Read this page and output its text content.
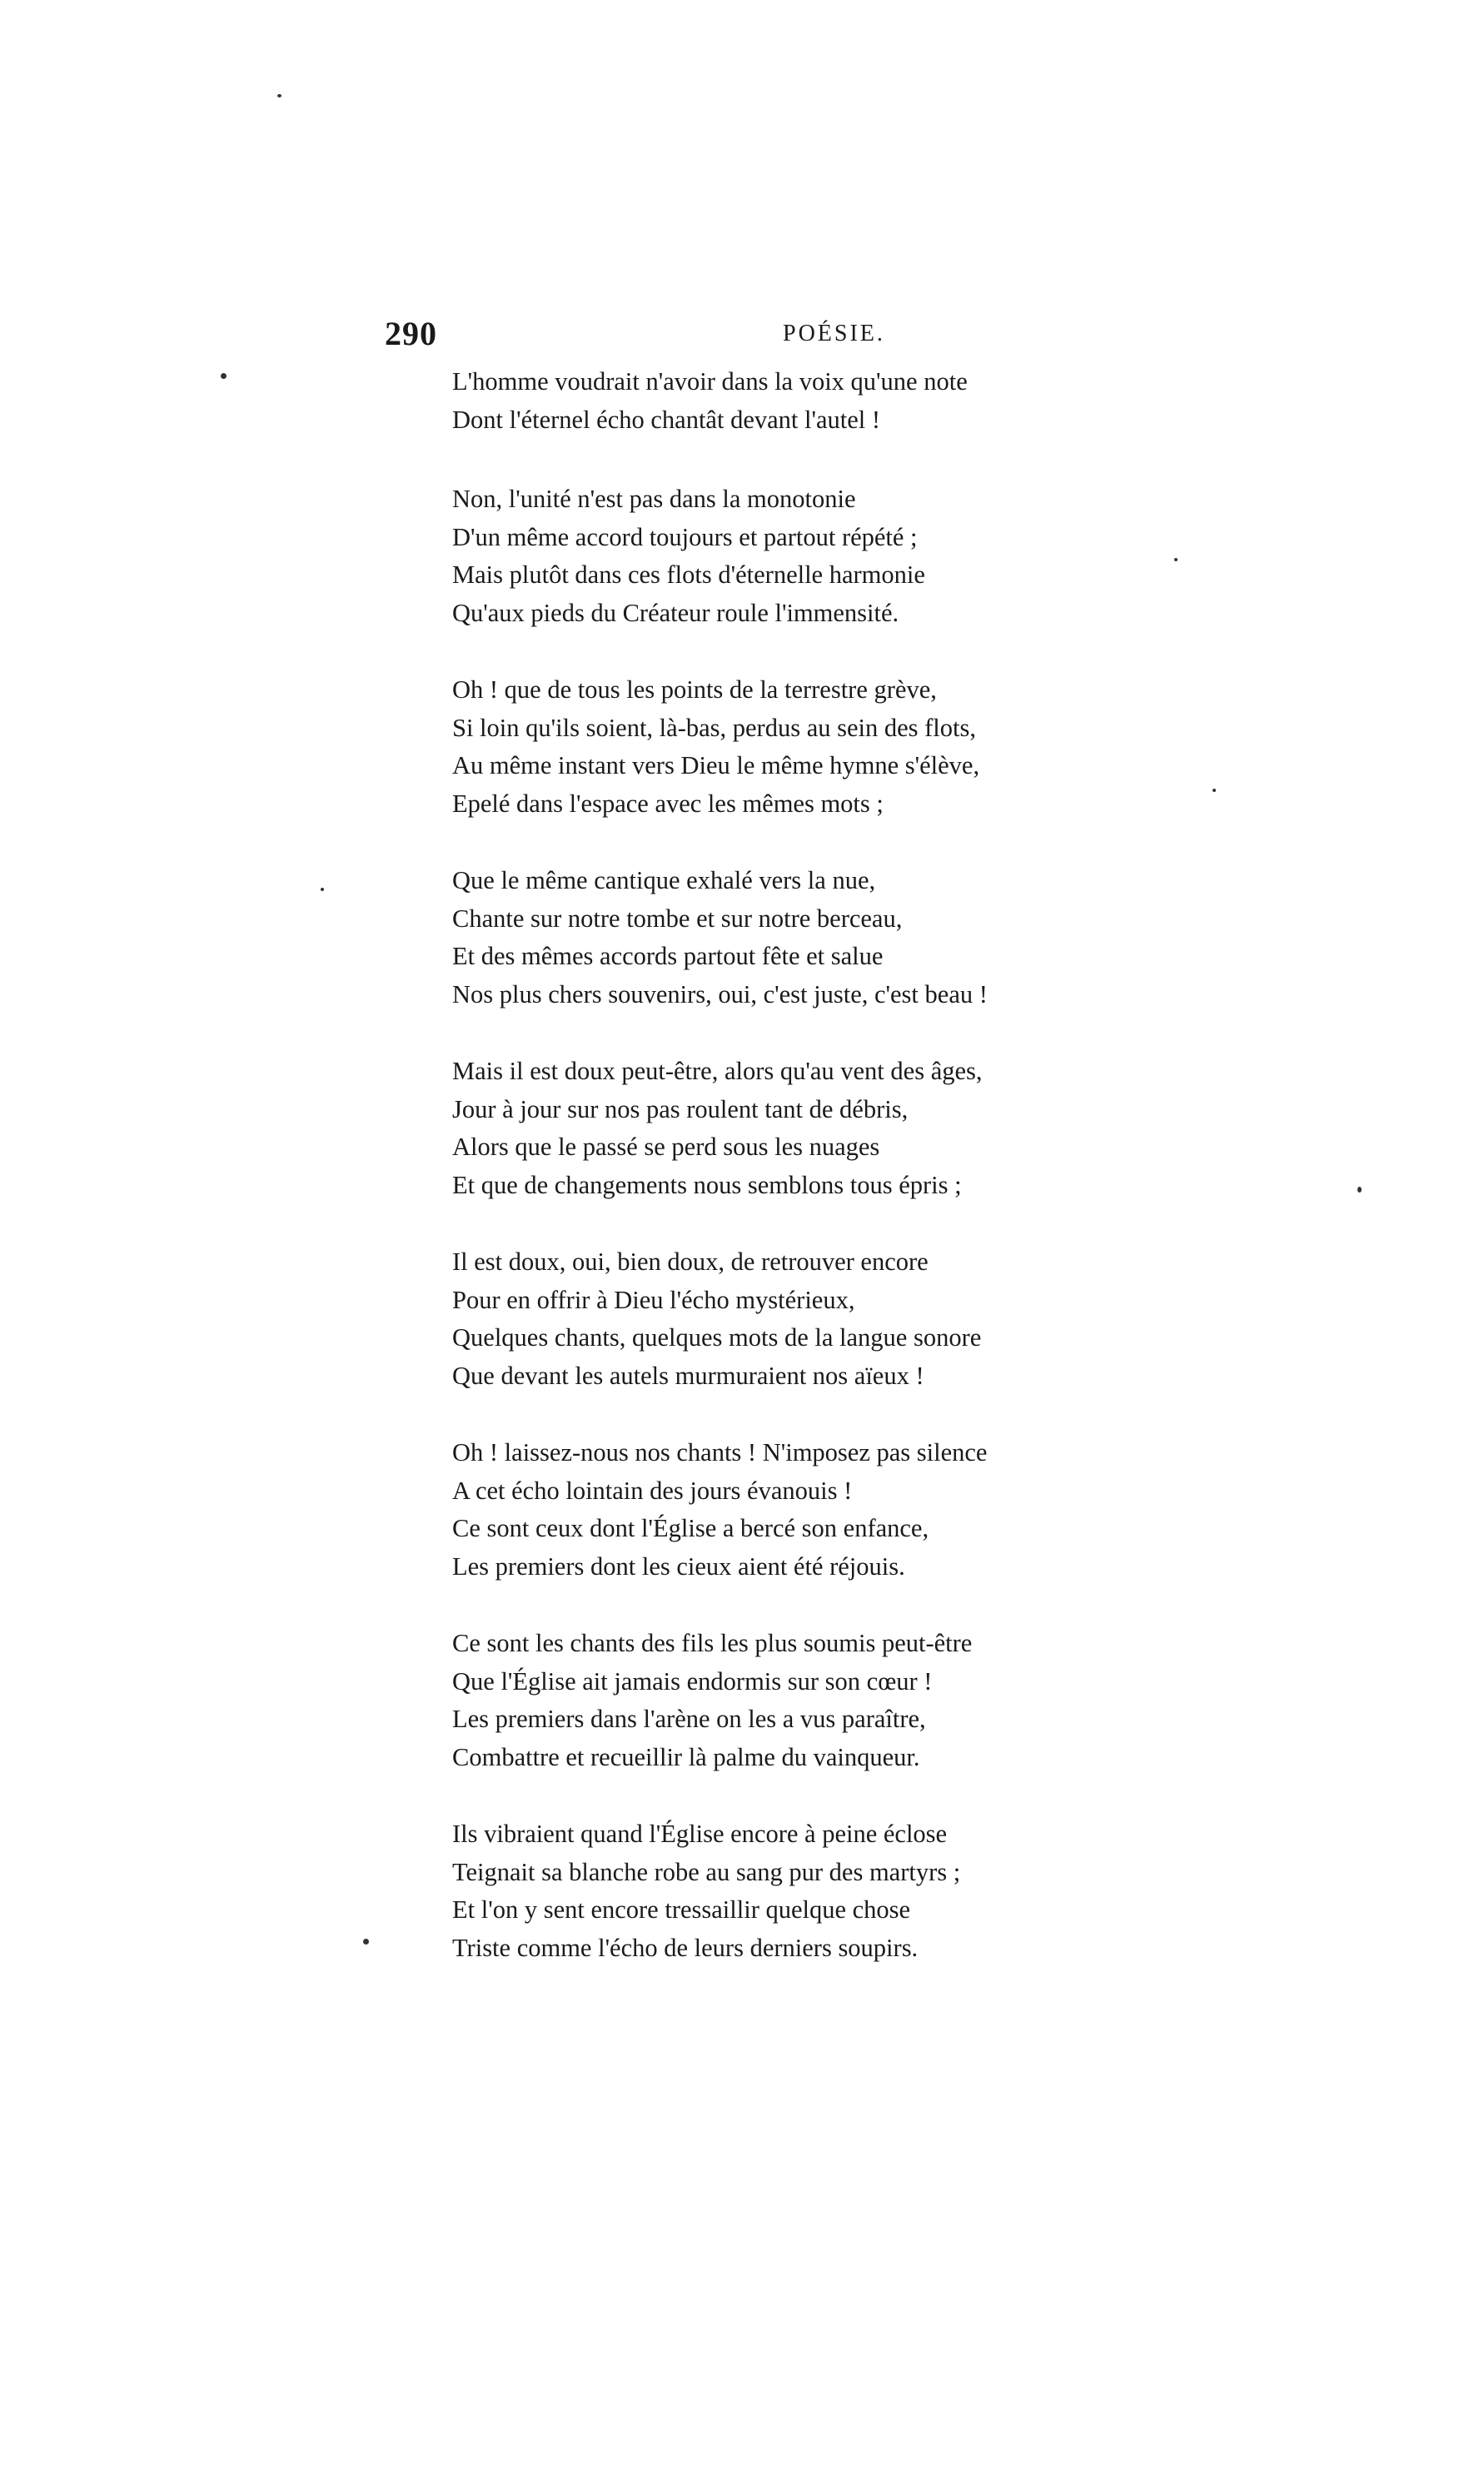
290	POÉSIE.
L'homme voudrait n'avoir dans la voix qu'une note
Dont l'éternel écho chantât devant l'autel !
Non, l'unité n'est pas dans la monotonie
D'un même accord toujours et partout répété ;
Mais plutôt dans ces flots d'éternelle harmonie
Qu'aux pieds du Créateur roule l'immensité.
Oh ! que de tous les points de la terrestre grève,
Si loin qu'ils soient, là-bas, perdus au sein des flots,
Au même instant vers Dieu le même hymne s'élève,
Epelé dans l'espace avec les mêmes mots ;
Que le même cantique exhalé vers la nue,
Chante sur notre tombe et sur notre berceau,
Et des mêmes accords partout fête et salue
Nos plus chers souvenirs, oui, c'est juste, c'est beau !
Mais il est doux peut-être, alors qu'au vent des âges,
Jour à jour sur nos pas roulent tant de débris,
Alors que le passé se perd sous les nuages
Et que de changements nous semblons tous épris ;
Il est doux, oui, bien doux, de retrouver encore
Pour en offrir à Dieu l'écho mystérieux,
Quelques chants, quelques mots de la langue sonore
Que devant les autels murmuraient nos aïeux !
Oh ! laissez-nous nos chants ! N'imposez pas silence
A cet écho lointain des jours évanouis !
Ce sont ceux dont l'Église a bercé son enfance,
Les premiers dont les cieux aient été réjouis.
Ce sont les chants des fils les plus soumis peut-être
Que l'Église ait jamais endormis sur son cœur !
Les premiers dans l'arène on les a vus paraître,
Combattre et recueillir là palme du vainqueur.
Ils vibraient quand l'Église encore à peine éclose
Teignait sa blanche robe au sang pur des martyrs ;
Et l'on y sent encore tressaillir quelque chose
Triste comme l'écho de leurs derniers soupirs.
